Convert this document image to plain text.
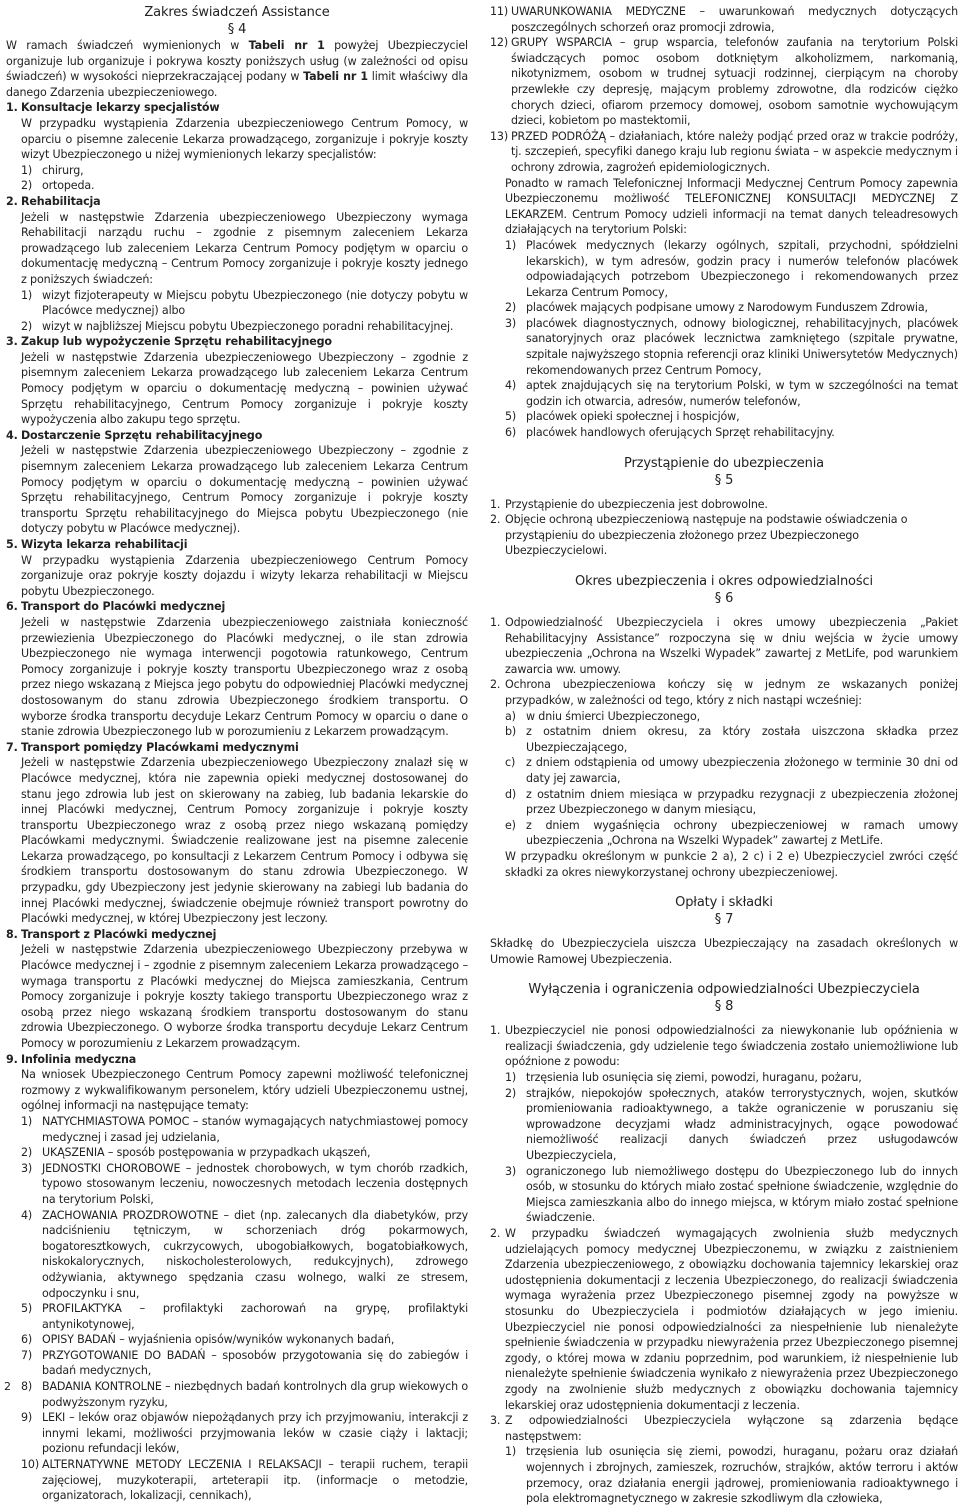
Zakres świadczeń Assistance
§ 4

W ramach świadczeń wymienionych w Tabeli nr 1 powyżej Ubezpieczyciel organizuje lub organizuje i pokrywa koszty poniższych usług (w zależności od opisu świadczeń) w wysokości nieprzekraczającej podany w Tabeli nr 1 limit właściwy dla danego Zdarzenia ubezpieczeniowego.

1. Konsultacje lekarzy specjalistów

W przypadku wystąpienia Zdarzenia ubezpieczeniowego Centrum Pomocy, w oparciu o pisemne zalecenie Lekarza prowadzącego, zorganizuje i pokryje koszty wizyt Ubezpieczonego u niżej wymienionych lekarzy specjalistów:

1) chirurg,
2) ortopeda.
2. Rehabilitacja

Jeżeli w następstwie Zdarzenia ubezpieczeniowego Ubezpieczony wymaga Rehabilitacji narządu ruchu – zgodnie z pisemnym zaleceniem Lekarza prowadzącego lub zaleceniem Lekarza Centrum Pomocy podjętym w oparciu o dokumentację medyczną – Centrum Pomocy zorganizuje i pokryje koszty jednego z poniższych świadczeń:

1) wizyt fizjoterapeuty w Miejscu pobytu Ubezpieczonego (nie dotyczy pobytu w Placówce medycznej) albo
2) wizyt w najbliższej Miejscu pobytu Ubezpieczonego poradni rehabilitacyjnej.
3. Zakup lub wypożyczenie Sprzętu rehabilitacyjnego

Jeżeli w następstwie Zdarzenia ubezpieczeniowego Ubezpieczony – zgodnie z pisemnym zaleceniem Lekarza prowadzącego lub zaleceniem Lekarza Centrum Pomocy podjętym w oparciu o dokumentację medyczną – powinien używać Sprzętu rehabilitacyjnego, Centrum Pomocy zorganizuje i pokryje koszty wypożyczenia albo zakupu tego sprzętu.

4. Dostarczenie Sprzętu rehabilitacyjnego

Jeżeli w następstwie Zdarzenia ubezpieczeniowego Ubezpieczony – zgodnie z pisemnym zaleceniem Lekarza prowadzącego lub zaleceniem Lekarza Centrum Pomocy podjętym w oparciu o dokumentację medyczną – powinien używać Sprzętu rehabilitacyjnego, Centrum Pomocy zorganizuje i pokryje koszty transportu Sprzętu rehabilitacyjnego do Miejsca pobytu Ubezpieczonego (nie dotyczy pobytu w Placówce medycznej).

5. Wizyta lekarza rehabilitacji

W przypadku wystąpienia Zdarzenia ubezpieczeniowego Centrum Pomocy zorganizuje oraz pokryje koszty dojazdu i wizyty lekarza rehabilitacji w Miejscu pobytu Ubezpieczonego.

6. Transport do Placówki medycznej

Jeżeli w następstwie Zdarzenia ubezpieczeniowego zaistniała konieczność przewiezienia Ubezpieczonego do Placówki medycznej, o ile stan zdrowia Ubezpieczonego nie wymaga interwencji pogotowia ratunkowego, Centrum Pomocy zorganizuje i pokryje koszty transportu Ubezpieczonego wraz z osobą przez niego wskazaną z Miejsca jego pobytu do odpowiedniej Placówki medycznej dostosowanym do stanu zdrowia Ubezpieczonego środkiem transportu. O wyborze środka transportu decyduje Lekarz Centrum Pomocy w oparciu o dane o stanie zdrowia Ubezpieczonego lub w porozumieniu z Lekarzem prowadzącym.

7. Transport pomiędzy Placówkami medycznymi

Jeżeli w następstwie Zdarzenia ubezpieczeniowego Ubezpieczony znalazł się w Placówce medycznej, która nie zapewnia opieki medycznej dostosowanej do stanu jego zdrowia lub jest on skierowany na zabieg, lub badania lekarskie do innej Placówki medycznej, Centrum Pomocy zorganizuje i pokryje koszty transportu Ubezpieczonego wraz z osobą przez niego wskazaną pomiędzy Placówkami medycznymi. Świadczenie realizowane jest na pisemne zalecenie Lekarza prowadzącego, po konsultacji z Lekarzem Centrum Pomocy i odbywa się środkiem transportu dostosowanym do stanu zdrowia Ubezpieczonego. W przypadku, gdy Ubezpieczony jest jedynie skierowany na zabiegi lub badania do innej Placówki medycznej, świadczenie obejmuje również transport powrotny do Placówki medycznej, w której Ubezpieczony jest leczony.

8. Transport z Placówki medycznej

Jeżeli w następstwie Zdarzenia ubezpieczeniowego Ubezpieczony przebywa w Placówce medycznej i – zgodnie z pisemnym zaleceniem Lekarza prowadzącego – wymaga transportu z Placówki medycznej do Miejsca zamieszkania, Centrum Pomocy zorganizuje i pokryje koszty takiego transportu Ubezpieczonego wraz z osobą przez niego wskazaną środkiem transportu dostosowanym do stanu zdrowia Ubezpieczonego. O wyborze środka transportu decyduje Lekarz Centrum Pomocy w porozumieniu z Lekarzem prowadzącym.

9. Infolinia medyczna

Na wniosek Ubezpieczonego Centrum Pomocy zapewni możliwość telefonicznej rozmowy z wykwalifikowanym personelem, który udzieli Ubezpieczonemu ustnej, ogólnej informacji na następujące tematy:

1) NATYCHMIASTOWA POMOC – stanów wymagających natychmiastowej pomocy medycznej i zasad jej udzielania,
2) UKĄSZENIA – sposób postępowania w przypadkach ukąszeń,
3) JEDNOSTKI CHOROBOWE – jednostek chorobowych, w tym chorób rzadkich, typowo stosowanym leczeniu, nowoczesnych metodach leczenia dostępnych na terytorium Polski,
4) ZACHOWANIA PROZDROWOTNE – diet (np. zalecanych dla diabetyków, przy nadciśnieniu tętniczym, w schorzeniach dróg pokarmowych, bogatoresztkowych, cukrzycowych, ubogobiałkowych, bogatobiałkowych, niskokalorycznych, niskocholesterolowych, redukcyjnych), zdrowego odżywiania, aktywnego spędzania czasu wolnego, walki ze stresem, odpoczynku i snu,
5) PROFILAKTYKA – profilaktyki zachorowań na grypę, profilaktyki antynikotynowej,
6) OPISY BADAŃ – wyjaśnienia opisów/wyników wykonanych badań,
7) PRZYGOTOWANIE DO BADAŃ – sposobów przygotowania się do zabiegów i badań medycznych,
8) BADANIA KONTROLNE – niezbędnych badań kontrolnych dla grup wiekowych o podwyższonym ryzyku,
9) LEKI – leków oraz objawów niepożądanych przy ich przyjmowaniu, interakcji z innymi lekami, możliwości przyjmowania leków w czasie ciąży i laktacji; pozionu refundacji leków,
10) ALTERNATYWNE METODY LECZENIA I RELAKSACJI – terapii ruchem, terapii zajęciowej, muzykoterapii, arteterapii itp. (informacje o metodzie, organizatorach, lokalizacji, cennikach),
11) UWARUNKOWANIA MEDYCZNE – uwarunkowań medycznych dotyczących poszczególnych schorzeń oraz promocji zdrowia,
12) GRUPY WSPARCIA – grup wsparcia, telefonów zaufania na terytorium Polski świadczących pomoc osobom dotkniętym alkoholizmem, narkomanią, nikotynizmem, osobom w trudnej sytuacji rodzinnej, cierpiącym na choroby przewlekłe czy depresję, mającym problemy zdrowotne, dla rodziców ciężko chorych dzieci, ofiarom przemocy domowej, osobom samotnie wychowującym dzieci, kobietom po mastektomii,
13) PRZED PODRÓŻĄ – działaniach, które należy podjąć przed oraz w trakcie podróży, tj. szczepień, specyfiki danego kraju lub regionu świata – w aspekcie medycznym i ochrony zdrowia, zagrożeń epidemiologicznych.

Ponadto w ramach Telefonicznej Informacji Medycznej Centrum Pomocy zapewnia Ubezpieczonemu możliwość TELEFONICZNEJ KONSULTACJI MEDYCZNEJ Z LEKARZEM. Centrum Pomocy udzieli informacji na temat danych teleadresowych działających na terytorium Polski:

1) Placówek medycznych (lekarzy ogólnych, szpitali, przychodni, spółdzielni lekarskich), w tym adresów, godzin pracy i numerów telefonów placówek odpowiadających potrzebom Ubezpieczonego i rekomendowanych przez Lekarza Centrum Pomocy,
2) placówek mających podpisane umowy z Narodowym Funduszem Zdrowia,
3) placówek diagnostycznych, odnowy biologicznej, rehabilitacyjnych, placówek sanatoryjnych oraz placówek lecznictwa zamkniętego (szpitale prywatne, szpitale najwyższego stopnia referencji oraz kliniki Uniwersytetów Medycznych) rekomendowanych przez Centrum Pomocy,
4) aptek znajdujących się na terytorium Polski, w tym w szczególności na temat godzin ich otwarcia, adresów, numerów telefonów,
5) placówek opieki społecznej i hospicjów,
6) placówek handlowych oferujących Sprzęt rehabilitacyjny.
Przystąpienie do ubezpieczenia
§ 5
1. Przystąpienie do ubezpieczenia jest dobrowolne.
2. Objęcie ochroną ubezpieczeniową następuje na podstawie oświadczenia o przystąpieniu do ubezpieczenia złożonego przez Ubezpieczonego Ubezpieczycielowi.
Okres ubezpieczenia i okres odpowiedzialności
§ 6
1. Odpowiedzialność Ubezpieczyciela i okres umowy ubezpieczenia „Pakiet Rehabilitacyjny Assistance” rozpoczyna się w dniu wejścia w życie umowy ubezpieczenia „Ochrona na Wszelki Wypadek” zawartej z MetLife, pod warunkiem zawarcia ww. umowy.

2. Ochrona ubezpieczeniowa kończy się w jednym ze wskazanych poniżej przypadków, w zależności od tego, który z nich nastąpi wcześniej:

a) w dniu śmierci Ubezpieczonego,
b) z ostatnim dniem okresu, za który została uiszczona składka przez Ubezpieczającego,
c) z dniem odstąpienia od umowy ubezpieczenia złożonego w terminie 30 dni od daty jej zawarcia,
d) z ostatnim dniem miesiąca w przypadku rezygnacji z ubezpieczenia złożonej przez Ubezpieczonego w danym miesiącu,
e) z dniem wygaśnięcia ochrony ubezpieczeniowej w ramach umowy ubezpieczenia „Ochrona na Wszelki Wypadek” zawartej z MetLife.

W przypadku określonym w punkcie 2 a), 2 c) i 2 e) Ubezpieczyciel zwróci część składki za okres niewykorzystanej ochrony ubezpieczeniowej.

Opłaty i składki
§ 7

Składkę do Ubezpieczyciela uiszcza Ubezpieczający na zasadach określonych w Umowie Ramowej Ubezpieczenia.

Wyłączenia i ograniczenia odpowiedzialności Ubezpieczyciela
§ 8
1. Ubezpieczyciel nie ponosi odpowiedzialności za niewykonanie lub opóźnienia w realizacji świadczenia, gdy udzielenie tego świadczenia zostało uniemożliwione lub opóźnione z powodu:

1) trzęsienia lub osunięcia się ziemi, powodzi, huraganu, pożaru,
2) strajków, niepokojów społecznych, ataków terrorystycznych, wojen, skutków promieniowania radioaktywnego, a także ograniczenie w poruszaniu się wprowadzone decyzjami władz administracyjnych, ogące powodować niemożliwość realizacji danych świadczeń przez usługodawców Ubezpieczyciela,
3) ograniczonego lub niemożliwego dostępu do Ubezpieczonego lub do innych osób, w stosunku do których miało zostać spełnione świadczenie, względnie do Miejsca zamieszkania albo do innego miejsca, w którym miało zostać spełnione świadczenie.
2. W przypadku świadczeń wymagających zwolnienia służb medycznych udzielających pomocy medycznej Ubezpieczonemu, w związku z zaistnieniem Zdarzenia ubezpieczeniowego, z obowiązku dochowania tajemnicy lekarskiej oraz udostępnienia dokumentacji z leczenia Ubezpieczonego, do realizacji świadczenia wymaga wyrażenia przez Ubezpieczonego pisemnej zgody na powyższe w stosunku do Ubezpieczyciela i podmiotów działających w jego imieniu. Ubezpieczyciel nie ponosi odpowiedzialności za niespełnienie lub nienależyte spełnienie świadczenia w przypadku niewyrażenia przez Ubezpieczonego pisemnej zgody, o której mowa w zdaniu poprzednim, pod warunkiem, iż niespełnienie lub nienależyte spełnienie świadczenia wynikało z niewyrażenia przez Ubezpieczonego zgody na zwolnienie służb medycznych z obowiązku dochowania tajemnicy lekarskiej oraz udostępnienia dokumentacji z leczenia.

3. Z odpowiedzialności Ubezpieczyciela wyłączone są zdarzenia będące następstwem:

1) trzęsienia lub osunięcia się ziemi, powodzi, huraganu, pożaru oraz działań wojennych i zbrojnych, zamieszek, rozruchów, strajków, aktów terroru i aktów przemocy, oraz działania energii jądrowej, promieniowania radioaktywnego i pola elektromagnetycznego w zakresie szkodliwym dla człowieka,
2
